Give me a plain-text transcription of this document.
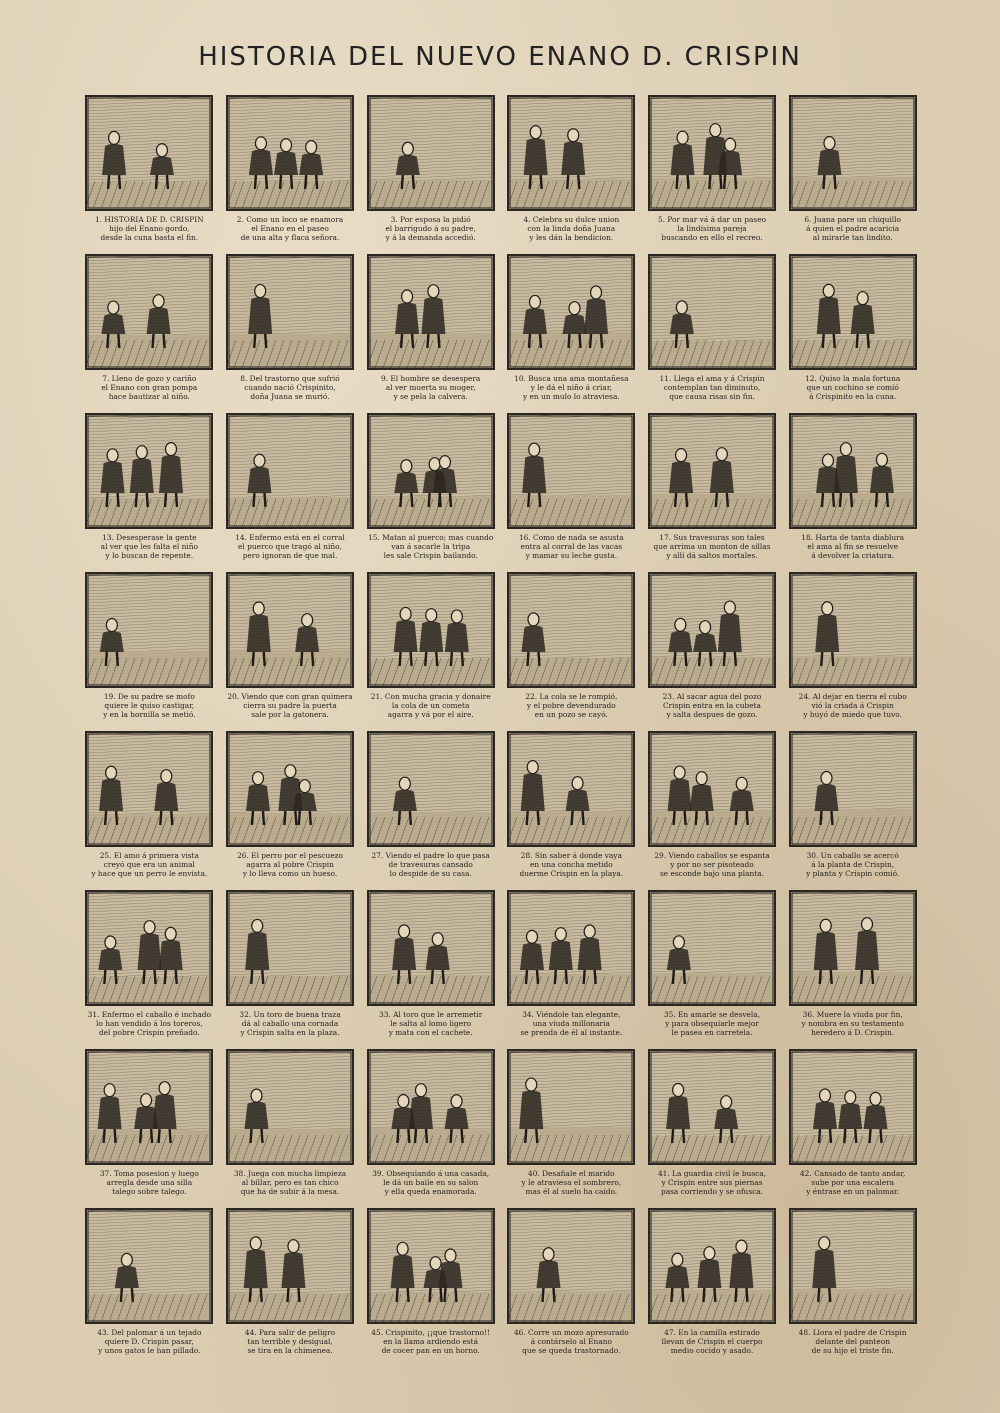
HISTORIA DEL NUEVO ENANO D. CRISPIN
1. HISTORIA DE D. CRISPIN
hijo del Enano gordo,
desde la cuna basta el fin.
2. Como un loco se enamora
el Enano en el paseo
de una alta y flaca señora.
3. Por esposa la pidió
el barrigudo á su padre,
y á la demanda accedió.
4. Celebra su dulce union
con la linda doña Juana
y les dán la bendicion.
5. Por mar vá á dar un paseo
la lindísima pareja
buscando en ello el recreo.
6. Juana pare un chiquillo
á quien el padre acaricia
al mirarle tan lindito.
7. Lleno de gozo y cariño
el Enano con gran pompa
hace bautizar al niño.
8. Del trastorno que sufrió
cuando nació Crispinito,
doña Juana se murió.
9. El hombre se desespera
al ver muerta su muger,
y se pela la calvera.
10. Busca una ama montañesa
y le dá el niño á criar,
y en un mulo lo atraviesa.
11. Llega el ama y á Crispin
contemplan tan diminuto,
que causa risas sin fin.
12. Quiso la mala fortuna
que un cochino se comió
á Crispinito en la cuna.
13. Desesperase la gente
al ver que les falta el niño
y lo buscan de repente.
14. Enfermo está en el corral
el puerco que tragó al niño,
pero ignoran de que mal.
15. Matan al puerco; mas cuando
van á sacarle la tripa
les sale Crispin bailando.
16. Como de nada se asusta
entra al corral de las vacas
y mamar su leche gusta.
17. Sus travesuras son tales
que arrima un monton de sillas
y allí dá saltos mortales.
18. Harta de tanta diablura
el ama al fin se resuelve
á devolver la criatura.
19. De su padre se mofo
quiere le quiso castigar,
y en la hornilla se metió.
20. Viendo que con gran quimera
cierra su padre la puerta
sale por la gatonera.
21. Con mucha gracia y donaire
la cola de un cometa
agarra y vá por el aire.
22. La cola se le rompió,
y el pobre devendurado
en un pozo se cayó.
23. Al sacar agua del pozo
Crispin entra en la cubeta
y salta despues de gozo.
24. Al dejar en tierra el cubo
vió la criada á Crispin
y huyó de miedo que tuvo.
25. El amo á primera vista
creyó que era un animal
y hace que un perro le envista.
26. El perro por el pescuezo
agarra al pobre Crispin
y lo lleva como un hueso.
27. Viendo el padre lo que pasa
de travesuras cansado
lo despide de su casa.
28. Sin saber á donde vaya
en una concha metido
duerme Crispin en la playa.
29. Viendo caballos se espanta
y por no ser pisoteado
se esconde bajo una planta.
30. Un caballo se acercó
á la planta de Crispin,
y planta y Crispin comió.
31. Enfermo el caballo é inchado
lo han vendido á los toreros,
del pobre Crispin preñado.
32. Un toro de buena traza
dá al caballo una cornada
y Crispin salta en la plaza.
33. Al toro que le arremetir
le salta al lomo ligero
y mata con el cachete.
34. Viéndole tan elegante,
una viuda millonaria
se prenda de él al instante.
35. En amarle se desvela,
y para obsequiarle mejor
le pasea en carretela.
36. Muere la viuda por fin,
y nombra en su testamento
heredero á D. Crispin.
37. Toma posesion y luego
arregla desde una silla
talego sobre talego.
38. Juega con mucha limpieza
al billar, pero es tan chico
que ha de subir á la mesa.
39. Obsequiando á una casada,
le dá un baile en su salon
y ella queda enamorada.
40. Desafiale el marido
y le atraviesa el sombrero,
mas él al suelo ha caído.
41. La guardia civil le busca,
y Crispin entre sus piernas
pasa corriendo y se ofusca.
42. Cansado de tanto andar,
sube por una escalera
y éntrase en un palomar.
43. Del palomar á un tejado
quiere D. Crispin pasar,
y unos gatos le han pillado.
44. Para salir de peligro
tan terrible y desigual,
se tira en la chimenea.
45. Crispinito, ¡¡que trastorno!!
en la llama ardiendo está
de cocer pan en un horno.
46. Corre un mozo apresurado
á contárselo al Enano
que se queda trastornado.
47. En la camilla estirado
llevan de Crispin el cuerpo
medio cocido y asado.
48. Llora el padre de Crispin
delante del panteon
de su hijo el triste fin.
